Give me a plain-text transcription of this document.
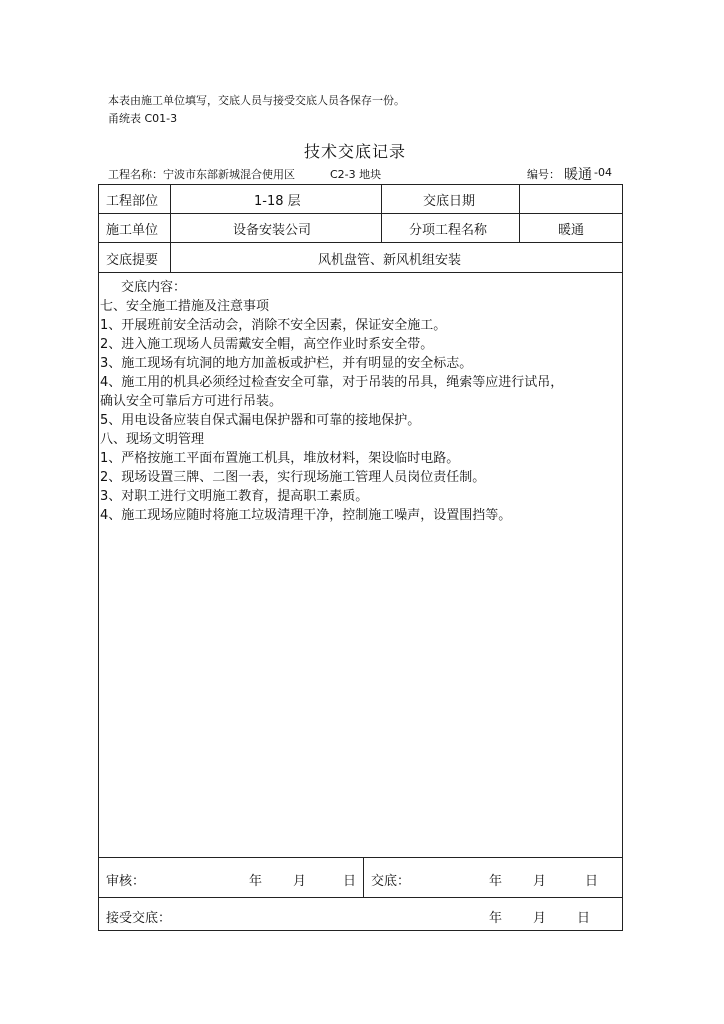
本表由施工单位填写，交底人员与接受交底人员各保存一份。
甬统表 C01-3
技术交底记录
工程名称：宁波市东部新城混合使用区	C2-3 地块	编号： 暖通 -04
工程部位	1-18 层	交底日期
施工单位	设备安装公司	分项工程名称	暖通
交底提要	风机盘管、新风机组安装
交底内容：
七、安全施工措施及注意事项
1、开展班前安全活动会，消除不安全因素，保证安全施工。
2、进入施工现场人员需戴安全帽，高空作业时系安全带。
3、施工现场有坑洞的地方加盖板或护栏，并有明显的安全标志。
4、施工用的机具必须经过检查安全可靠，对于吊装的吊具，绳索等应进行试吊，
确认安全可靠后方可进行吊装。
5、用电设备应装自保式漏电保护器和可靠的接地保护。
八、现场文明管理
1、严格按施工平面布置施工机具，堆放材料，架设临时电路。
2、现场设置三牌、二图一表，实行现场施工管理人员岗位责任制。
3、对职工进行文明施工教育，提高职工素质。
4、施工现场应随时将施工垃圾清理干净，控制施工噪声，设置围挡等。
审核：	年 月	日 交底：	年 月	日
接受交底：	年 月 日
